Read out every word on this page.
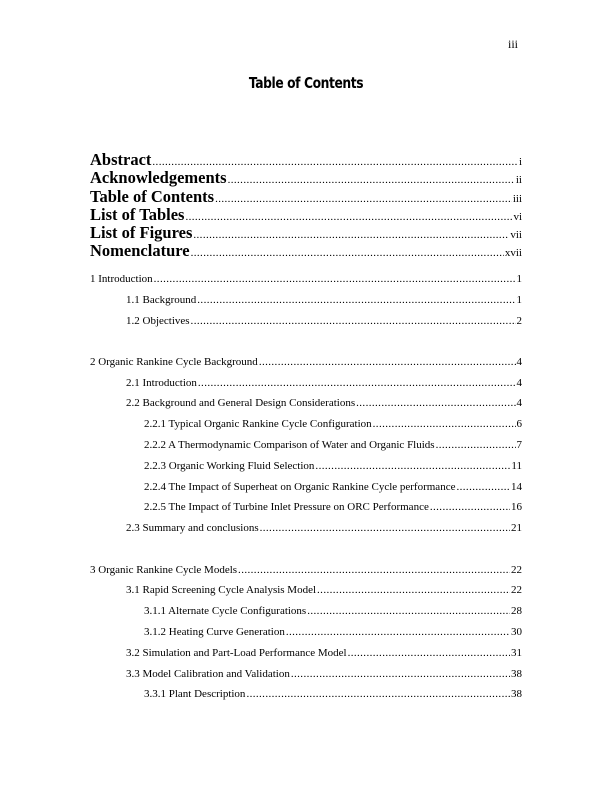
iii
Table of Contents
Abstract .....	i
Acknowledgements .....	ii
Table of Contents .....	iii
List of Tables .....	vi
List of Figures .....	vii
Nomenclature .....	xvii
1 Introduction .....	1
1.1 Background .....	1
1.2 Objectives .....	2
2 Organic Rankine Cycle Background .....	4
2.1 Introduction .....	4
2.2 Background and General Design Considerations .....	4
2.2.1 Typical Organic Rankine Cycle Configuration .....	6
2.2.2 A Thermodynamic Comparison of Water and Organic Fluids .....	7
2.2.3 Organic Working Fluid Selection .....	11
2.2.4 The Impact of Superheat on Organic Rankine Cycle performance .....	14
2.2.5 The Impact of Turbine Inlet Pressure on ORC Performance .....	16
2.3 Summary and conclusions .....	21
3 Organic Rankine Cycle Models .....	22
3.1 Rapid Screening Cycle Analysis Model .....	22
3.1.1 Alternate Cycle Configurations .....	28
3.1.2 Heating Curve Generation .....	30
3.2 Simulation and Part-Load Performance Model .....	31
3.3 Model Calibration and Validation .....	38
3.3.1 Plant Description .....	38
